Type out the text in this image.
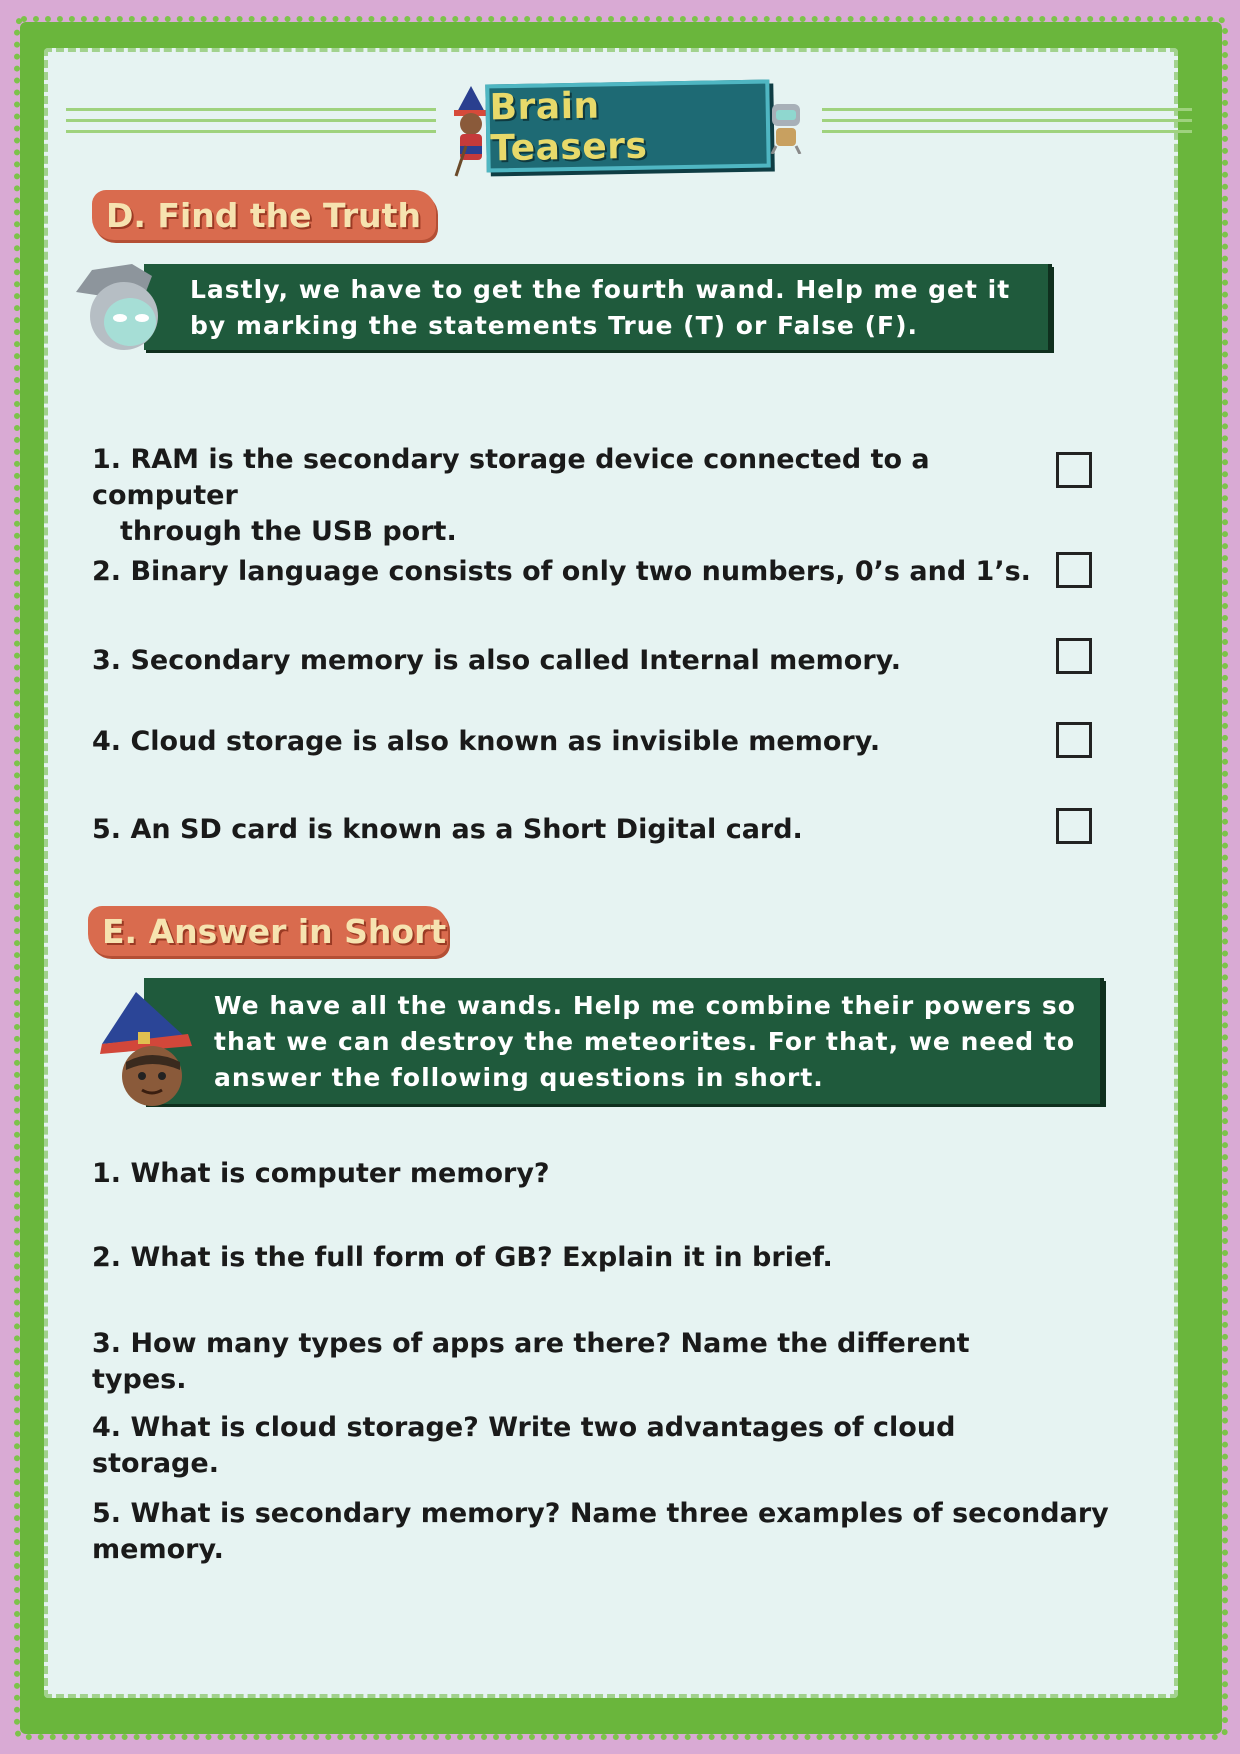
Brain Teasers
D. Find the Truth
Lastly, we have to get the fourth wand. Help me get it by marking the statements True (T) or False (F).
1. RAM is the secondary storage device connected to a computer
through the USB port.
2. Binary language consists of only two numbers, 0’s and 1’s.
3. Secondary memory is also called Internal memory.
4. Cloud storage is also known as invisible memory.
5. An SD card is known as a Short Digital card.
E. Answer in Short
We have all the wands. Help me combine their powers so that we can destroy the meteorites. For that, we need to answer the following questions in short.
1. What is computer memory?
2. What is the full form of GB? Explain it in brief.
3. How many types of apps are there? Name the different types.
4. What is cloud storage? Write two advantages of cloud storage.
5. What is secondary memory? Name three examples of secondary memory.
